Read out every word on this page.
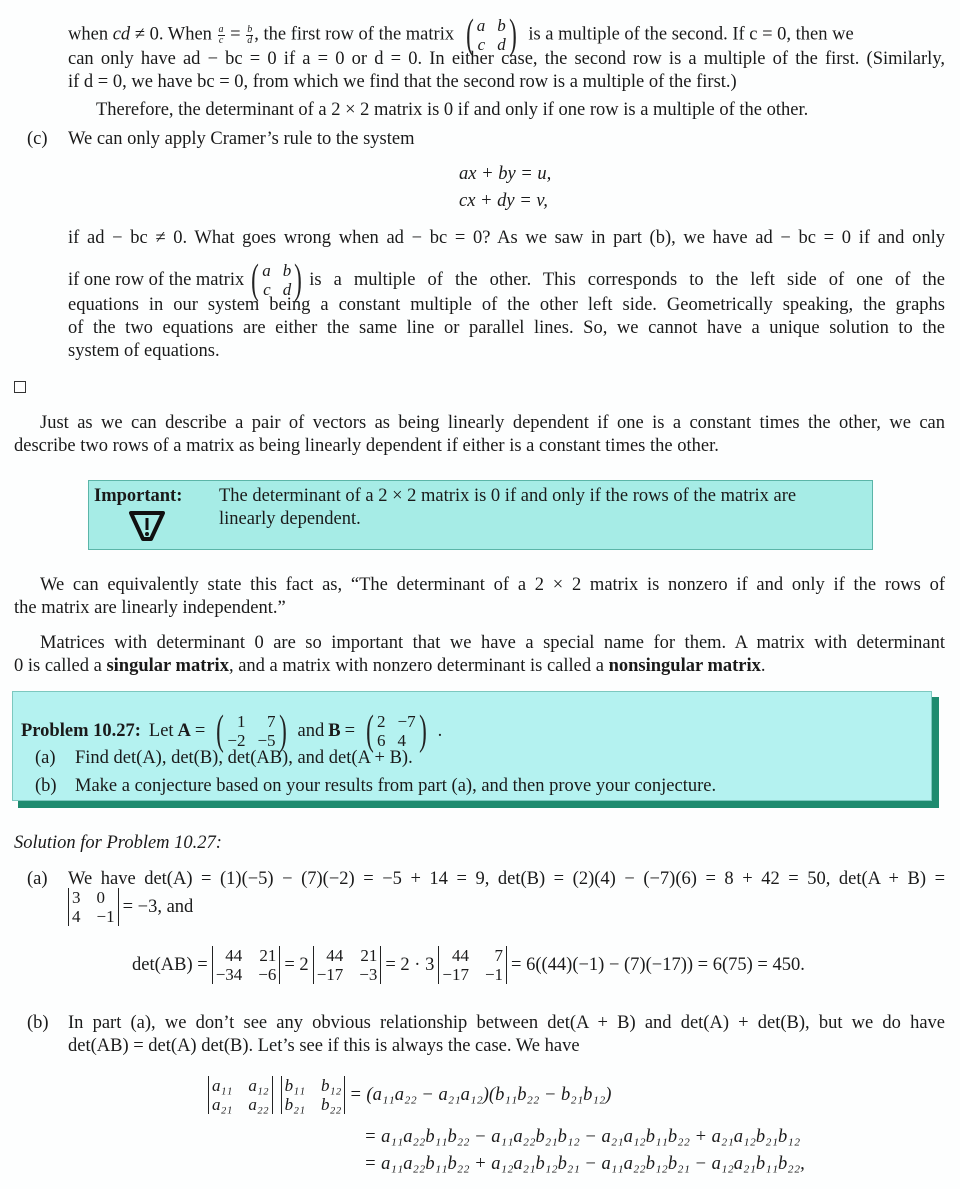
when cd ≠ 0. When $\frac{a}{c} = \frac{b}{d}$ , the first row of the matrix ( a b
c d ) is a multiple of the second. If c = 0, then we
can only have ad − bc = 0 if a = 0 or d = 0. In either case, the second row is a multiple of the first. (Similarly,
if d = 0, we have bc = 0, from which we find that the second row is a multiple of the first.)
Therefore, the determinant of a 2 × 2 matrix is 0 if and only if one row is a multiple of the other.
(c) We can only apply Cramer’s rule to the system
ax + by = u,
cx + dy = v,
if ad − bc ≠ 0. What goes wrong when ad − bc = 0? As we saw in part (b), we have ad − bc = 0 if and only
if one row of the matrix ( a b
c d ) is a multiple of the other. This corresponds to the left side of one of the
equations in our system being a constant multiple of the other left side. Geometrically speaking, the graphs
of the two equations are either the same line or parallel lines. So, we cannot have a unique solution to the
system of equations.
Just as we can describe a pair of vectors as being linearly dependent if one is a constant times the other, we can
describe two rows of a matrix as being linearly dependent if either is a constant times the other.
Important: The determinant of a 2 × 2 matrix is 0 if and only if the rows of the matrix are
linearly dependent.
We can equivalently state this fact as, “The determinant of a 2 × 2 matrix is nonzero if and only if the rows of
the matrix are linearly independent.”
Matrices with determinant 0 are so important that we have a special name for them. A matrix with determinant
0 is called a singular matrix, and a matrix with nonzero determinant is called a nonsingular matrix.
Problem 10.27: Let A = ( 1	7
−2 −5 ) and B = ( 2 −7
6 4 ) .
(a) Find det(A), det(B), det(AB), and det(A + B).
(b) Make a conjecture based on your results from part (a), and then prove your conjecture.
Solution for Problem 10.27:
(a) We have det(A) = (1)(−5) − (7)(−2) = −5 + 14 = 9, det(B) = (2)(4) − (−7)(6) = 8 + 42 = 50, det(A + B) =
3 0
4 −1 = −3, and
det(AB) =	44 21
−34 −6 = 2	44 21
−17 −3 = 2 · 3	44	7
−17 −1 = 6((44)(−1) − (7)(−17)) = 6(75) = 450.
(b) In part (a), we don’t see any obvious relationship between det(A + B) and det(A) + det(B), but we do have
det(AB) = det(A) det(B). Let’s see if this is always the case. We have
a₁₁ a₁₂
a₂₁ a₂₂
b₁₁ b₁₂
b₂₁ b₂₂ = (a₁₁a₂₂ − a₂₁a₁₂)(b₁₁b₂₂ − b₂₁b₁₂)
= a₁₁a₂₂b₁₁b₂₂ − a₁₁a₂₂b₂₁b₁₂ − a₂₁a₁₂b₁₁b₂₂ + a₂₁a₁₂b₂₁b₁₂
= a₁₁a₂₂b₁₁b₂₂ + a₁₂a₂₁b₁₂b₂₁ − a₁₁a₂₂b₁₂b₂₁ − a₁₂a₂₁b₁₁b₂₂,
